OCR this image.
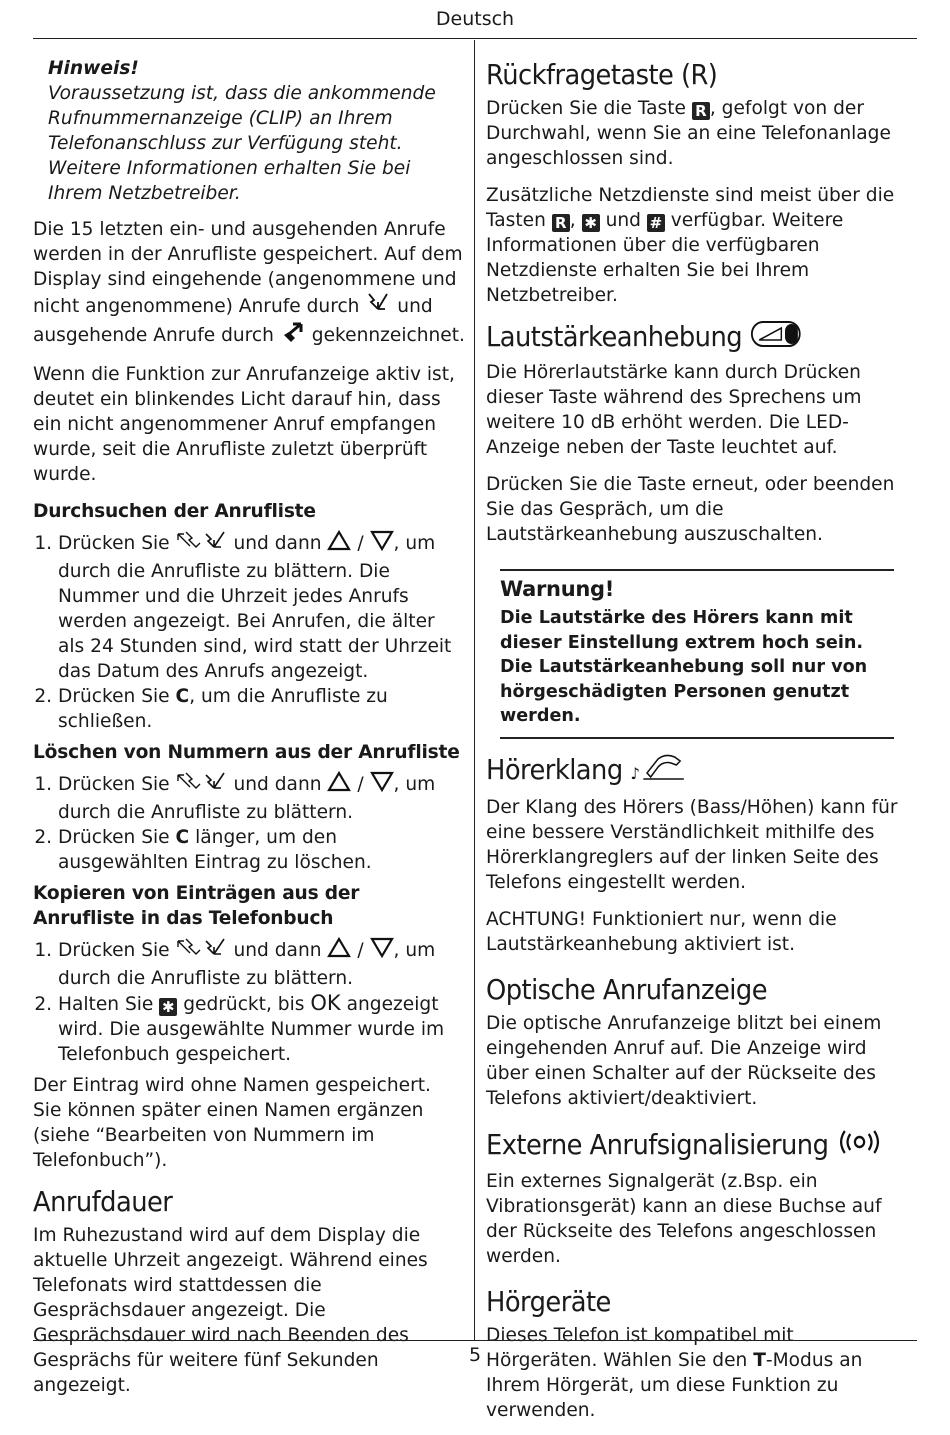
Deutsch
Hinweis!
Voraussetzung ist, dass die ankommende Rufnummernanzeige (CLIP) an Ihrem Telefonanschluss zur Verfügung steht. Weitere Informationen erhalten Sie bei Ihrem Netzbetreiber.

Die 15 letzten ein- und ausgehenden Anrufe werden in der Anrufliste gespeichert. Auf dem Display sind eingehende (angenommene und nicht angenommene) Anrufe durch und ausgehende Anrufe durch gekennzeichnet.

Wenn die Funktion zur Anrufanzeige aktiv ist, deutet ein blinkendes Licht darauf hin, dass ein nicht angenommener Anruf empfangen wurde, seit die Anrufliste zuletzt überprüft wurde.

Durchsuchen der Anrufliste
1. Drücken Sie	und dann  / , um durch die Anrufliste zu blättern. Die Nummer und die Uhrzeit jedes Anrufs werden angezeigt. Bei Anrufen, die älter als 24 Stunden sind, wird statt der Uhrzeit das Datum des Anrufs angezeigt.
2. Drücken Sie C, um die Anrufliste zu schließen.
Löschen von Nummern aus der Anrufliste
1. Drücken Sie	und dann  / , um durch die Anrufliste zu blättern.
2. Drücken Sie C länger, um den ausgewählten Eintrag zu löschen.
Kopieren von Einträgen aus der Anrufliste in das Telefonbuch
1. Drücken Sie	und dann  / , um durch die Anrufliste zu blättern.
2. Halten Sie ✱ gedrückt, bis OK angezeigt wird. Die ausgewählte Nummer wurde im Telefonbuch gespeichert.

Der Eintrag wird ohne Namen gespeichert. Sie können später einen Namen ergänzen (siehe “Bearbeiten von Nummern im Telefonbuch”).

Anrufdauer

Im Ruhezustand wird auf dem Display die aktuelle Uhrzeit angezeigt. Während eines Telefonats wird stattdessen die Gesprächsdauer angezeigt. Die Gesprächsdauer wird nach Beenden des Gesprächs für weitere fünf Sekunden angezeigt.

Rückfragetaste (R)

Drücken Sie die Taste R , gefolgt von der Durchwahl, wenn Sie an eine Telefonanlage angeschlossen sind.

Zusätzliche Netzdienste sind meist über die Tasten R , ✱ und # verfügbar. Weitere Informationen über die verfügbaren Netzdienste erhalten Sie bei Ihrem Netzbetreiber.

Lautstärkeanhebung

Die Hörerlautstärke kann durch Drücken dieser Taste während des Sprechens um weitere 10 dB erhöht werden. Die LED-Anzeige neben der Taste leuchtet auf.

Drücken Sie die Taste erneut, oder beenden Sie das Gespräch, um die Lautstärkeanhebung auszuschalten.

Warnung!
Die Lautstärke des Hörers kann mit dieser Einstellung extrem hoch sein. Die Lautstärkeanhebung soll nur von hörgeschädigten Personen genutzt werden.
Hörerklang ♪

Der Klang des Hörers (Bass/Höhen) kann für eine bessere Verständlichkeit mithilfe des Hörerklangreglers auf der linken Seite des Telefons eingestellt werden.

ACHTUNG! Funktioniert nur, wenn die Lautstärkeanhebung aktiviert ist.

Optische Anrufanzeige

Die optische Anrufanzeige blitzt bei einem eingehenden Anruf auf. Die Anzeige wird über einen Schalter auf der Rückseite des Telefons aktiviert/deaktiviert.

Externe Anrufsignalisierung

Ein externes Signalgerät (z.Bsp. ein Vibrationsgerät) kann an diese Buchse auf der Rückseite des Telefons angeschlossen werden.

Hörgeräte

Dieses Telefon ist kompatibel mit Hörgeräten. Wählen Sie den T-Modus an Ihrem Hörgerät, um diese Funktion zu verwenden.

5
